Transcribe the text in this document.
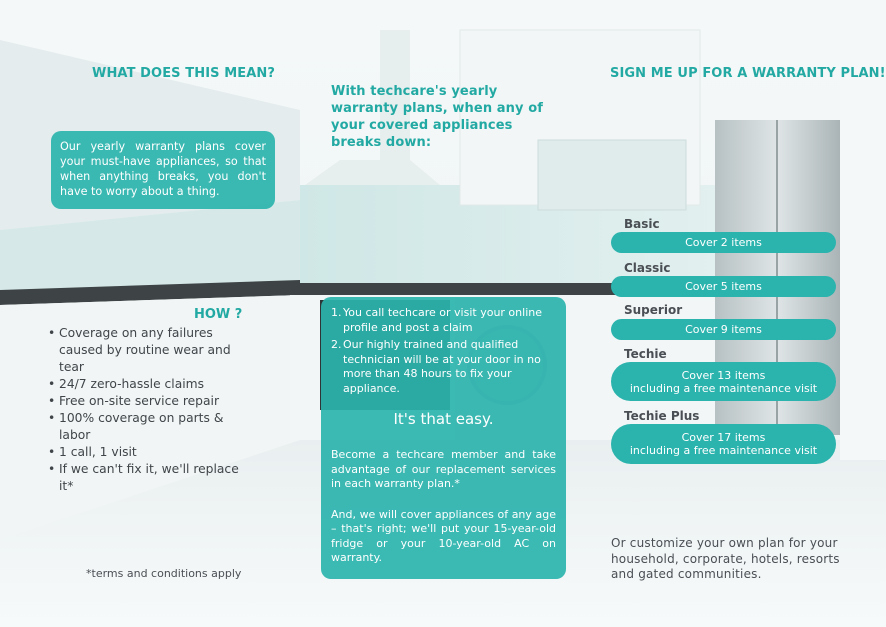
WHAT DOES THIS MEAN?
With techcare's yearly warranty plans, when any of your covered appliances breaks down:
SIGN ME UP FOR A WARRANTY PLAN!

Our yearly warranty plans cover your must-have appliances, so that when anything breaks, you don't have to worry about a thing.

HOW ?
• Coverage on any failures caused by routine wear and tear
• 24/7 zero-hassle claims
• Free on-site service repair
• 100% coverage on parts & labor
• 1 call, 1 visit
• If we can't fix it, we'll replace it*
*terms and conditions apply
1. You call techcare or visit your online profile and post a claim
2. Our highly trained and qualified technician will be at your door in no more than 48 hours to fix your appliance.

It's that easy.

Become a techcare member and take advantage of our replacement services in each warranty plan.*

And, we will cover appliances of any age – that's right; we'll put your 15-year-old fridge or your 10-year-old AC on warranty.

Basic
Cover 2 items
Classic
Cover 5 items
Superior
Cover 9 items
Techie
Cover 13 items
including a free maintenance visit
Techie Plus
Cover 17 items
including a free maintenance visit
Or customize your own plan for your household, corporate, hotels, resorts and gated communities.
